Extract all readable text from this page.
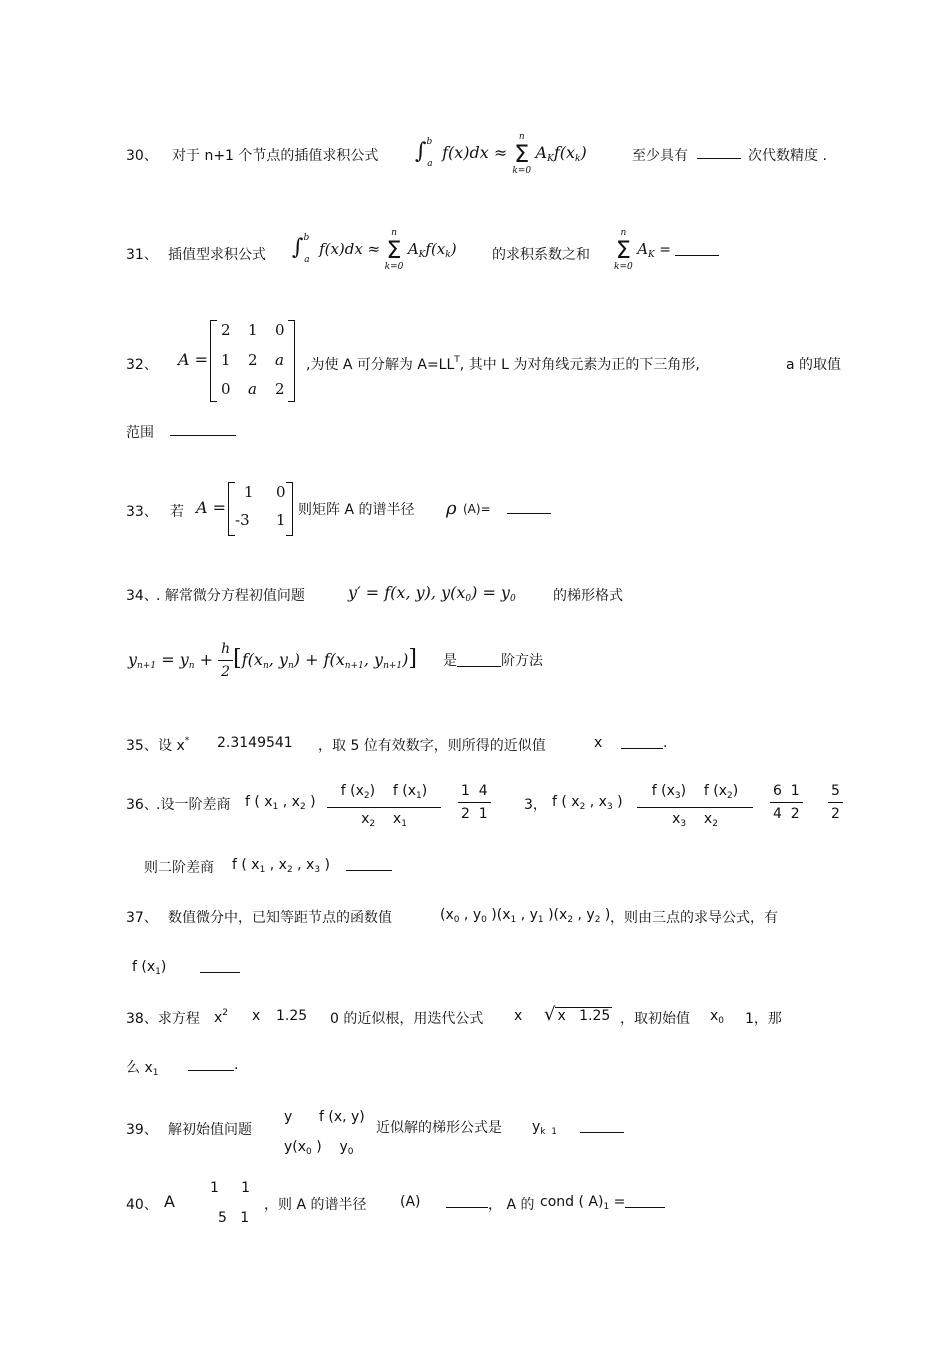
30、 对于 n+1 个节点的插值求积公式 ∫$^b_a$ f(x)dx ≈
n
Σ
k=0
$A_Kf(x_k)$	至少具有	次代数精度 .
31、 插值型求积公式 ∫$^b_a$ f(x)dx ≈
n
Σ
k=0
$A_Kf(x_k)$	的求积系数之和
n
Σ
k=0
$A_K$ =
32、 A =
2 1 0
1 2 a
0 a 2
,为使 A 可分解为 $A=LL^T$, 其中 L 为对角线元素为正的下三角形,	a 的取值
范围
33、 若 A =
1 0
-3 1
则矩阵 A 的谱半径 ρ (A)=
34、
. 解常微分方程初值问题	y′ = f(x, y), $y(x_0) = y_0$	的梯形格式
$y_{n+1} = y_n + \frac{h}{2} [f(x_n$, $y_n) + f(x_{n+1}$, $y_{n+1}$)] 是	阶方法
35、 设 x* 2.3149541 ，取 5 位有效数字，则所得的近似值	x	.
36、
.设一阶差商 f ( $x_1$ , $x_2$ ) $\frac{f (x_2) f (x_1)}{x_2 x_1} \frac{1 4}{2 1} 3$， f ( $x_2$ , $x_3$ ) $\frac{f (x_3) f (x_2)}{x_3 x_2} \frac{6 1}{4 2} \frac{5}{2}$
则二阶差商 f ( $x_1$ , $x_2$ , $x_3$ )
37、 数值微分中，已知等距节点的函数值	($x_0$ , $y_0$ )($x_1$ , $y_1$ )($x_2$ , $y_2$ ) ，则由三点的求导公式，有
f $(x_1)$
38、求方程 $x^2$ x 1.25 0 的近似根，用迭代公式 x √ x   1.25 ，取初始值 $x_0$ 1，那
么 $x_1$	.
39、 解初始值问题
y      f (x, y)
$y(x_0$ )    $y_0$
近似解的梯形公式是 $y_{k 1}$
40、 A
1     1
5   1
，则 A 的谱半径 (A)	， A 的 cond ( $A)_1$ =
